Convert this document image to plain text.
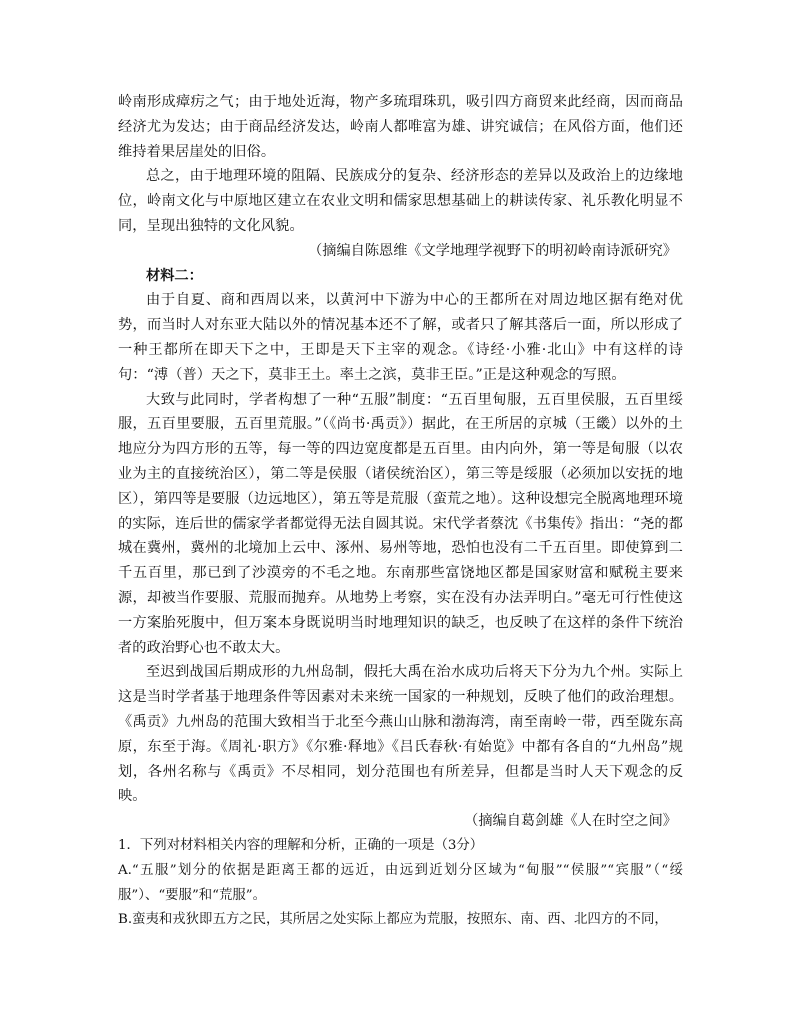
岭南形成瘴疠之气；由于地处近海，物产多琉瑁珠玑，吸引四方商贸来此经商，因而商品经济尤为发达；由于商品经济发达，岭南人都唯富为雄、讲究诚信；在风俗方面，他们还维持着果居崖处的旧俗。

总之，由于地理环境的阻隔、民族成分的复杂、经济形态的差异以及政治上的边缘地位，岭南文化与中原地区建立在农业文明和儒家思想基础上的耕读传家、礼乐教化明显不同，呈现出独特的文化风貌。

（摘编自陈恩维《文学地理学视野下的明初岭南诗派研究》

材料二：

由于自夏、商和西周以来，以黄河中下游为中心的王都所在对周边地区据有绝对优势，而当时人对东亚大陆以外的情况基本还不了解，或者只了解其落后一面，所以形成了一种王都所在即天下之中，王即是天下主宰的观念。《诗经·小雅·北山》中有这样的诗句：“溥（普）天之下，莫非王土。率土之滨，莫非王臣。”正是这种观念的写照。

大致与此同时，学者构想了一种“五服”制度：“五百里甸服，五百里侯服，五百里绥服，五百里要服，五百里荒服。”（《尚书·禹贡》）据此，在王所居的京城（王畿）以外的土地应分为四方形的五等，每一等的四边宽度都是五百里。由内向外，第一等是甸服（以农业为主的直接统治区），第二等是侯服（诸侯统治区），第三等是绥服（必须加以安抚的地区），第四等是要服（边远地区），第五等是荒服（蛮荒之地）。这种设想完全脱离地理环境的实际，连后世的儒家学者都觉得无法自圆其说。宋代学者蔡沈《书集传》指出：“尧的都城在冀州，冀州的北境加上云中、涿州、易州等地，恐怕也没有二千五百里。即使算到二千五百里，那已到了沙漠旁的不毛之地。东南那些富饶地区都是国家财富和赋税主要来源，却被当作要服、荒服而抛弃。从地势上考察，实在没有办法弄明白。”毫无可行性使这一方案胎死腹中，但万案本身既说明当时地理知识的缺乏，也反映了在这样的条件下统治者的政治野心也不敢太大。

至迟到战国后期成形的九州岛制，假托大禹在治水成功后将天下分为九个州。实际上这是当时学者基于地理条件等因素对未来统一国家的一种规划，反映了他们的政治理想。《禹贡》九州岛的范围大致相当于北至今燕山山脉和渤海湾，南至南岭一带，西至陇东高原，东至于海。《周礼·职方》《尔雅·释地》《吕氏春秋·有始览》中都有各自的“九州岛”规划，各州名称与《禹贡》不尽相同，划分范围也有所差异，但都是当时人天下观念的反映。

（摘编自葛剑雄《人在时空之间》

1．下列对材料相关内容的理解和分析，正确的一项是（3分）

A.“五服”划分的依据是距离王都的远近，由远到近划分区域为“甸服”“侯服”“宾服”（“绥服”）、“要服”和“荒服”。

B.蛮夷和戎狄即五方之民，其所居之处实际上都应为荒服，按照东、南、西、北四方的不同，
